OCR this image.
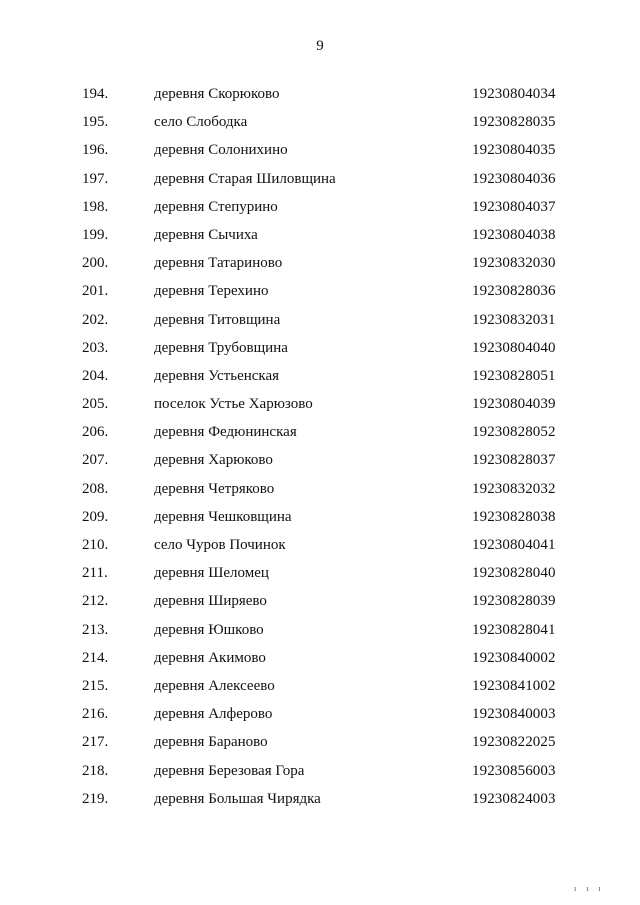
9
194.	деревня Скорюково	19230804034
195.	село Слободка	19230828035
196.	деревня Солонихино	19230804035
197.	деревня Старая Шиловщина	19230804036
198.	деревня Степурино	19230804037
199.	деревня Сычиха	19230804038
200.	деревня Татариново	19230832030
201.	деревня Терехино	19230828036
202.	деревня Титовщина	19230832031
203.	деревня Трубовщина	19230804040
204.	деревня Устьенская	19230828051
205.	поселок Устье Харюзово	19230804039
206.	деревня Федюнинская	19230828052
207.	деревня Харюково	19230828037
208.	деревня Четряково	19230832032
209.	деревня Чешковщина	19230828038
210.	село Чуров Починок	19230804041
211.	деревня Шеломец	19230828040
212.	деревня Ширяево	19230828039
213.	деревня Юшково	19230828041
214.	деревня Акимово	19230840002
215.	деревня Алексеево	19230841002
216.	деревня Алферово	19230840003
217.	деревня Бараново	19230822025
218.	деревня Березовая Гора	19230856003
219.	деревня Большая Чирядка	19230824003
ı ı ı
